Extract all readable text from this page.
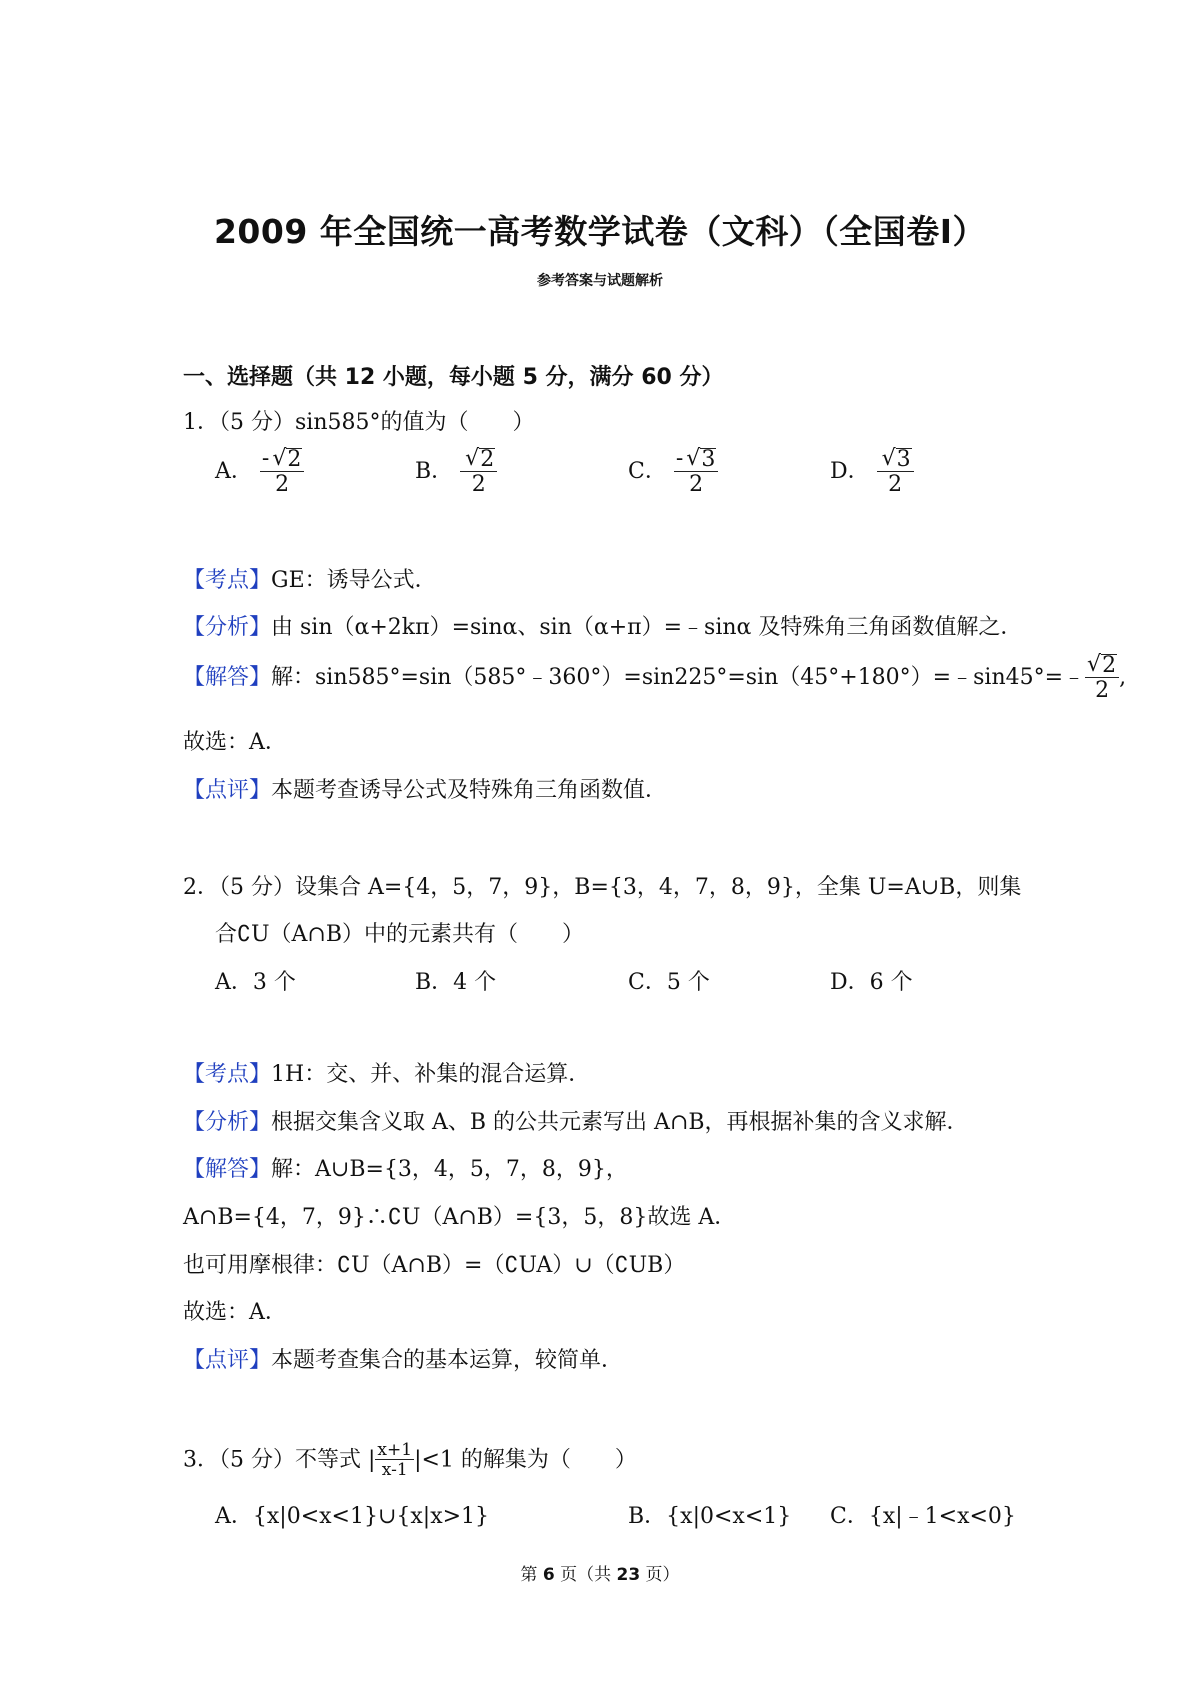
2009 年全国统一高考数学试卷（文科）（全国卷Ⅰ）
参考答案与试题解析
一、选择题（共 12 小题，每小题 5 分，满分 60 分）
1．（5 分）sin585°的值为（　　）
A． $\frac{- √ 2}{2}$	B． $\frac{√ 2}{2}$	C． $\frac{- √ 3}{2}$	D． $\frac{√ 3}{2}$
【考点】GE：诱导公式．
【分析】由 sin（α+2kπ）=sinα、sin（α+π）=﹣sinα 及特殊角三角函数值解之．
【解答】解：sin585°=sin（585°﹣360°）=sin225°=sin（45°+180°）=﹣sin45°=﹣ $\frac{√ 2}{2}$ ,
故选：A．
【点评】本题考查诱导公式及特殊角三角函数值．
2．（5 分）设集合 A={4，5，7，9}，B={3，4，7，8，9}，全集 U=A∪B，则集
合∁U（A∩B）中的元素共有（　　）
A．3 个	B．4 个	C．5 个	D．6 个
【考点】1H：交、并、补集的混合运算．
【分析】根据交集含义取 A、B 的公共元素写出 A∩B，再根据补集的含义求解．
【解答】解：A∪B={3，4，5，7，8，9}，
A∩B={4，7，9}∴∁U（A∩B）={3，5，8}故选 A．
也可用摩根律：∁U（A∩B）=（∁UA）∪（∁UB）
故选：A．
【点评】本题考查集合的基本运算，较简单．
3．（5 分）不等式 | $\frac{x+1}{x-1} |<1$ 的解集为（　　）
A．{x|0<x<1}∪{x|x>1}	B．{x|0<x<1} C．{x|﹣1<x<0}
第 6 页（共 23 页）
